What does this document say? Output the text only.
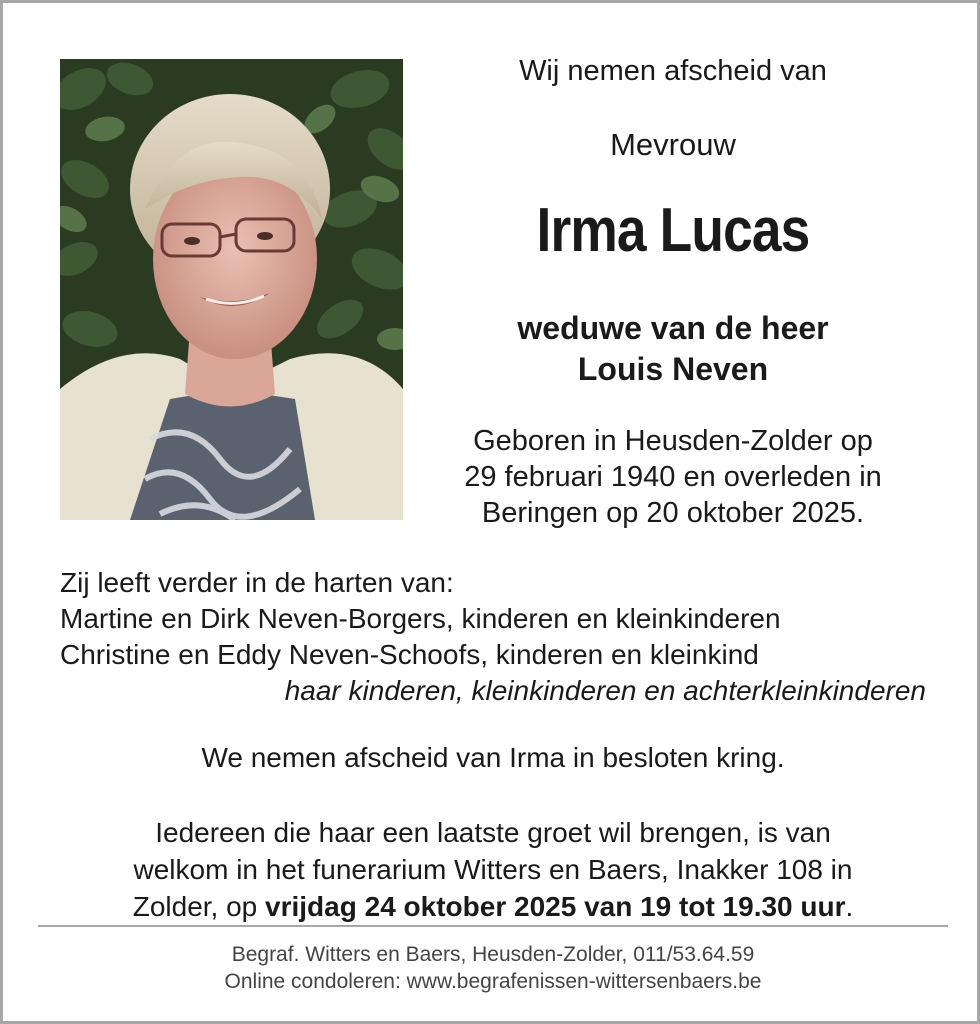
Wij nemen afscheid van
Mevrouw
Irma Lucas
weduwe van de heer
Louis Neven
Geboren in Heusden-Zolder op
29 februari 1940 en overleden in
Beringen op 20 oktober 2025.
Zij leeft verder in de harten van:
Martine en Dirk Neven-Borgers, kinderen en kleinkinderen
Christine en Eddy Neven-Schoofs, kinderen en kleinkind
haar kinderen, kleinkinderen en achterkleinkinderen
We nemen afscheid van Irma in besloten kring.
Iedereen die haar een laatste groet wil brengen, is van
welkom in het funerarium Witters en Baers, Inakker 108 in
Zolder, op vrijdag 24 oktober 2025 van 19 tot 19.30 uur.
Begraf. Witters en Baers, Heusden-Zolder, 011/53.64.59
Online condoleren: www.begrafenissen-wittersenbaers.be
